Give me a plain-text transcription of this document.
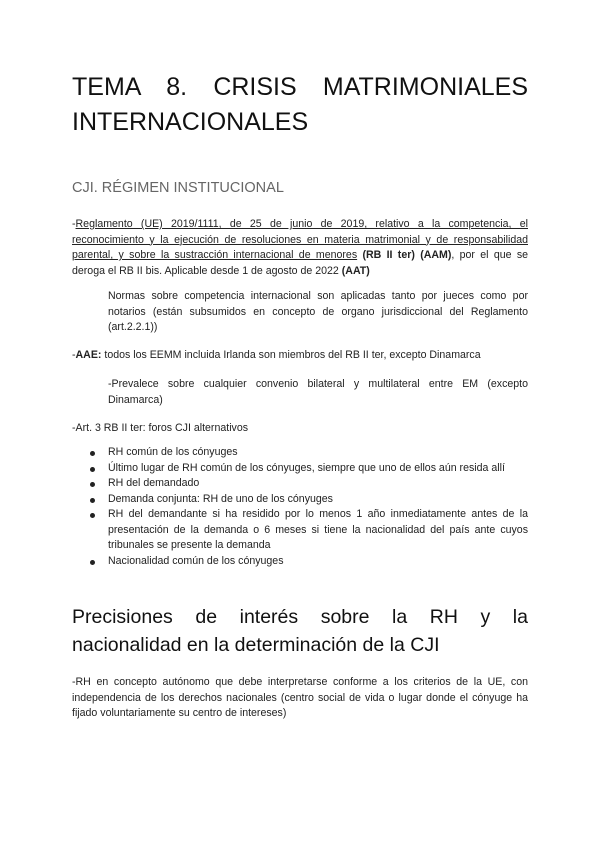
TEMA 8. CRISIS MATRIMONIALES
INTERNACIONALES
CJI. RÉGIMEN INSTITUCIONAL

-Reglamento (UE) 2019/1111, de 25 de junio de 2019, relativo a la competencia, el reconocimiento y la ejecución de resoluciones en materia matrimonial y de responsabilidad parental, y sobre la sustracción internacional de menores (RB II ter) (AAM), por el que se deroga el RB II bis. Aplicable desde 1 de agosto de 2022 (AAT)

Normas sobre competencia internacional son aplicadas tanto por jueces como por notarios (están subsumidos en concepto de organo jurisdiccional del Reglamento (art.2.2.1))

-AAE: todos los EEMM incluida Irlanda son miembros del RB II ter, excepto Dinamarca

-Prevalece sobre cualquier convenio bilateral y multilateral entre EM (excepto Dinamarca)

-Art. 3 RB II ter: foros CJI alternativos

RH común de los cónyuges
Último lugar de RH común de los cónyuges, siempre que uno de ellos aún resida allí
RH del demandado
Demanda conjunta: RH de uno de los cónyuges
RH del demandante si ha residido por lo menos 1 año inmediatamente antes de la presentación de la demanda o 6 meses si tiene la nacionalidad del país ante cuyos tribunales se presente la demanda
Nacionalidad común de los cónyuges
Precisiones de interés sobre la RH y la
nacionalidad en la determinación de la CJI

-RH en concepto autónomo que debe interpretarse conforme a los criterios de la UE, con independencia de los derechos nacionales (centro social de vida o lugar donde el cónyuge ha fijado voluntariamente su centro de intereses)
